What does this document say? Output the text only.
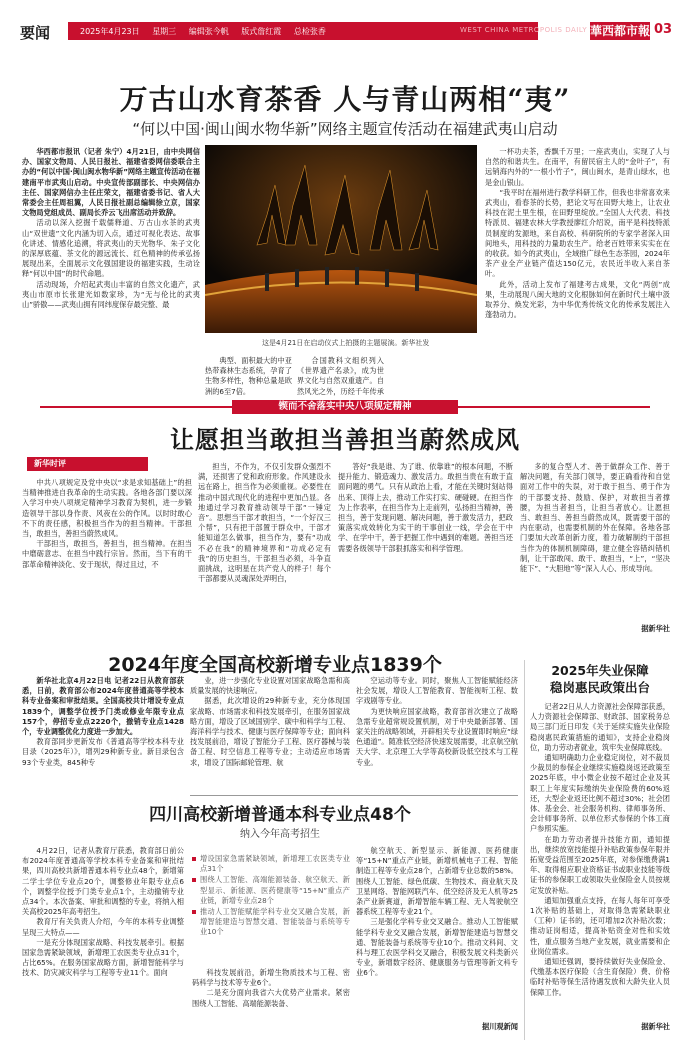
要闻	2025年4月23日 星期三 编辑张今帆 版式詹红霞 总检张香	WEST CHINA METROPOLIS DAILY 華西都市報 03
万古山水育茶香 人与青山两相“夷”
“何以中国·闽山闽水物华新”网络主题宣传活动在福建武夷山启动

华西都市报讯（记者 朱宁）4月21日，由中央网信办、国家文物局、人民日报社、福建省委网信委联合主办的“何以中国·闽山闽水物华新”网络主题宣传活动在福建南平市武夷山启动。中央宣传部副部长、中央网信办主任、国家网信办主任庄荣文，福建省委书记、省人大常委会主任周祖翼，人民日报社副总编辑徐立京，国家文物局党组成员、副局长乔云飞出席活动并致辞。

活动以深入挖掘千载儒释道、万古山水茶的武夷山“双世遗”文化内涵为切入点，通过可视化表达、故事化讲述、情感化追溯，将武夷山的天光物华、朱子文化的深厚底蕴、茶文化的源远流长、红色精神的传承弘扬展现出来，全面展示文化强国建设的福建实践，生动诠释“何以中国”的时代命题。

活动现场，介绍起武夷山丰富的自然文化遗产，武夷山市原市长张建光如数家珍，为“无与伦比的武夷山”骄傲——武夷山拥有同纬度保存最完整、最

这是4月21日在启动仪式上拍摄的主题展演。新华社发

典型、面积最大的中亚热带森林生态系统，孕育了生物多样性，物种总量是欧洲的6至7倍。

合国教科文组织列入《世界遗产名录》，成为世界文化与自然双重遗产。自然风光之外，历经千年传承

一杯功夫茶，香飘千万里；一座武夷山，实现了人与自然的和谐共生。在南平，有留民宿主人的“金叶子”，有远销海内外的“一根小竹子”，闽山闽水，是青山绿水，也是金山银山。

“我平时在福州进行教学科研工作，但我也非常喜欢来武夷山，看春茶的长势，把论文写在田野大地上，让农业科技在泥土里生根，在田野里绽放。”全国人大代表、科技特派员、福建农林大学教授廖红介绍说，南平是科技特派员制度的发源地，来自高校、科研院所的专家学者深入田间地头，用科技的力量助农生产。给老百姓带来实实在在的收获。如今的武夷山，全域推广绿色生态茶园，2024年茶产业全产业链产值达150亿元，农民近半收入来自茶叶。

此外，活动上发布了福建考古成果，文化“两创”成果，生动展现八闽大地的文化根脉如何在新时代土壤中汲取养分、焕发光彩，为中华优秀传统文化的传承发展注入蓬勃动力。

锲而不舍落实中央八项规定精神
让愿担当敢担当善担当蔚然成风
新华时评

中共八项规定及党中央以“求是求知基础上”的担当精神推进自我革命的生动实践。各地各部门要以深入学习中央八项规定精神学习教育为契机，进一步锻造领导干部以身作责、风夜在公的作风。以时时敢心不下的责任感，积极担当作为的担当精神。干部担当，敢担当，善担当蔚然成风。

干部担当，敢担当，善担当，担当精神。在担当中磨砺意志、在担当中践行宗旨。然而，当下有的干部革命精神淡化、安于现状，得过且过，不

担当，不作为，不仅引发群众强烈不满，还损害了党和政府形象。作风建设永远在路上，担当作为必须重视。必要性在推动中国式现代化的进程中更加凸显。各地通过学习教育推动领导干部“一锤定音”。思想当干部才敢担当，“一个好汉三个帮”，只有把干部置于群众中，干部才能知道怎么做事，担当作为，要有“功成不必在我”的精神境界和“功成必定有我”的历史担当，干部担当必须，斗争直面挑战，这明星在共产党人的样子！每个干部都要从灵魂深处弄明白，

答好“我是谁、为了谁、依靠谁”的根本问题，不断提升能力、锻造魂力、激发活力。敢担当贵在有敢于直面问题的勇气。只有从政治上看，才能在关键时刻站得出来、顶得上去，推动工作实打实、硬碰硬。在担当作为上作表率，在担当作为上走前列，弘扬担当精神，善担当，善于发现问题、解决问题，善于激发活力，把政策落实成效转化为实干的干事创业一线，学会在干中学、在学中干，善于把握工作中遇到的难题。善担当还需要各级领导干部狠抓落实和科学管理。

多的复合型人才、善于做群众工作、善于解决问题，有关部门领导，要正确看待和自觉面对工作中的失误，对于敢于担当、勇于作为的干部要支持、鼓励、保护，对敢担当者撑腰，为担当者担当，让担当者放心。让愿担当、敢担当、善担当蔚然成风，既需要干部的内在驱动，也需要机制的外在保障。各地各部门要加大改革创新力度，着力破解制约干部担当作为的体制机制障碍，建立健全容错纠错机制，让干部敢闯、敢干、敢担当，“上”，“坚决能下”、“大胆地”等“深入人心、形成导向。

据新华社
2024年度全国高校新增专业点1839个

新华社北京4月22日电 记者22日从教育部获悉，日前，教育部公布2024年度普通高等学校本科专业备案和审批结果。全国高校共计增设专业点1839个，调整学位授予门类或修业年限专业点157个，停招专业点2220个，撤销专业点1428个，专业调整优化力度进一步加大。

教育部同步更新发布《普通高等学校本科专业目录（2025年）》，增列29种新专业。新目录包含93个专业类，845种专

业，进一步强化专业设置对国家战略急需和高质量发展的快速响应。

据悉，此次增设的29种新专业，充分体现国家战略、市场需求和科技发展牵引，在服务国家战略方面，增设了区域国别学、碳中和科学与工程、海洋科学与技术、健康与医疗保障等专业；面向科技发展前沿，增设了智能分子工程、医疗器械与装备工程、时空信息工程等专业；主动适应市场需求，增设了国际邮轮管理、航

空运动等专业。同时，聚焦人工智能赋能经济社会发展，增设人工智能教育、智能视听工程、数字戏剧等专业。

为更快响应国家战略，教育部首次建立了战略急需专业超常规设置机制，对于中央最新部署、国家关注的战略领域，开辟相关专业设置即时响应“绿色通道”。随准低空经济快速发展需要，北京航空航天大学、北京理工大学等高校新设低空技术与工程专业。

2025年失业保障
稳岗惠民政策出台

记者22日从人力资源社会保障部获悉，人力资源社会保障部、财政部、国家税务总局三部门近日印发《关于延续实施失业保险稳岗惠民政策措施的通知》，支持企业稳岗位，助力劳动者就业，筑牢失业保障底线。

通知明确助力企业稳定岗位，对不裁员少裁员的参保企业继续实施稳岗返还政策至2025年底，中小微企业按不超过企业及其职工上年度实际缴纳失业保险费的60%返还，大型企业返还比例不超过30%；社会团体、基金会、社会服务机构、律师事务所、会计师事务所、以单位形式参保的个体工商户参照实施。

在助力劳动者提升技能方面，通知提出，继续放宽技能提升补贴政策参保年限并拓宽受益范围至2025年底，对参保缴费满1年、取得相应职业资格证书或职业技能等级证书的参保职工或领取失业保险金人员按规定发放补贴。

通知加强重点支持，在每人每年可享受1次补贴的基础上，对取得急需紧缺职业（工种）证书的，还可增加2次补贴次数；推动证岗相适，提高补贴资金对性和实效性，重点服务当地产业发展，就业需要和企业岗位需求。

通知还强调，要持续做好失业保险金、代缴基本医疗保险（含生育保险）费、价格临时补贴等保生活待遇发放和大龄失业人员保障工作。

据新华社
四川高校新增普通本科专业点48个
纳入今年高考招生

4月22日，记者从教育厅获悉，教育部日前公布2024年度普通高等学校本科专业备案和审批结果，四川高校共新增普通本科专业点48个，新增第二学士学位专业点20个，调整修业年限专业点6个，调整学位授予门类专业点1个，主动撤销专业点34个。本次备案、审批和调整的专业，将纳入相关高校2025年高考招生。

教育厅有关负责人介绍，今年的本科专业调整呈现三大特点——

一是充分体现国家战略、科技发展牵引。根据国家急需紧缺领域，新增理工农医类专业点31个，占比65%。在服务国家战略方面，新增智能科学与技术、防灾减灾科学与工程等专业11个。面向

增设国家急需紧缺领域，新增理工农医类专业点31个
围绕人工智能、高端能源装备、航空航天、新型显示、新能源、医药健康等“15+N”重点产业链，新增专业点28个
推动人工智能赋能学科专业交叉融合发展，新增智能建造与智慧交通、智能装备与系统等专业10个

科技发展前沿，新增生物质技术与工程、密码科学与技术等专业6个。

二是充分面向我省六大优势产业需求。紧密围绕人工智能、高端能源装备、

航空航天、新型显示、新能源、医药健康等“15+N”重点产业链，新增机械电子工程、智能制造工程等专业点28个，占新增专业总数的58%。围绕人工智能、绿色低碳、生物技术、商业航天及卫星网络、智能网联汽车、低空经济及无人机等25条产业新赛道，新增智能车辆工程、无人驾驶航空器系统工程等专业21个。

三是强化学科专业交叉融合。推动人工智能赋能学科专业交叉融合发展，新增智能建造与智慧交通、智能装备与系统等专业10个。推动文科间、文科与理工农医学科交叉融合，积极发展文科类新兴专业，新增数字经济、健康服务与管理等新文科专业6个。

据川观新闻
